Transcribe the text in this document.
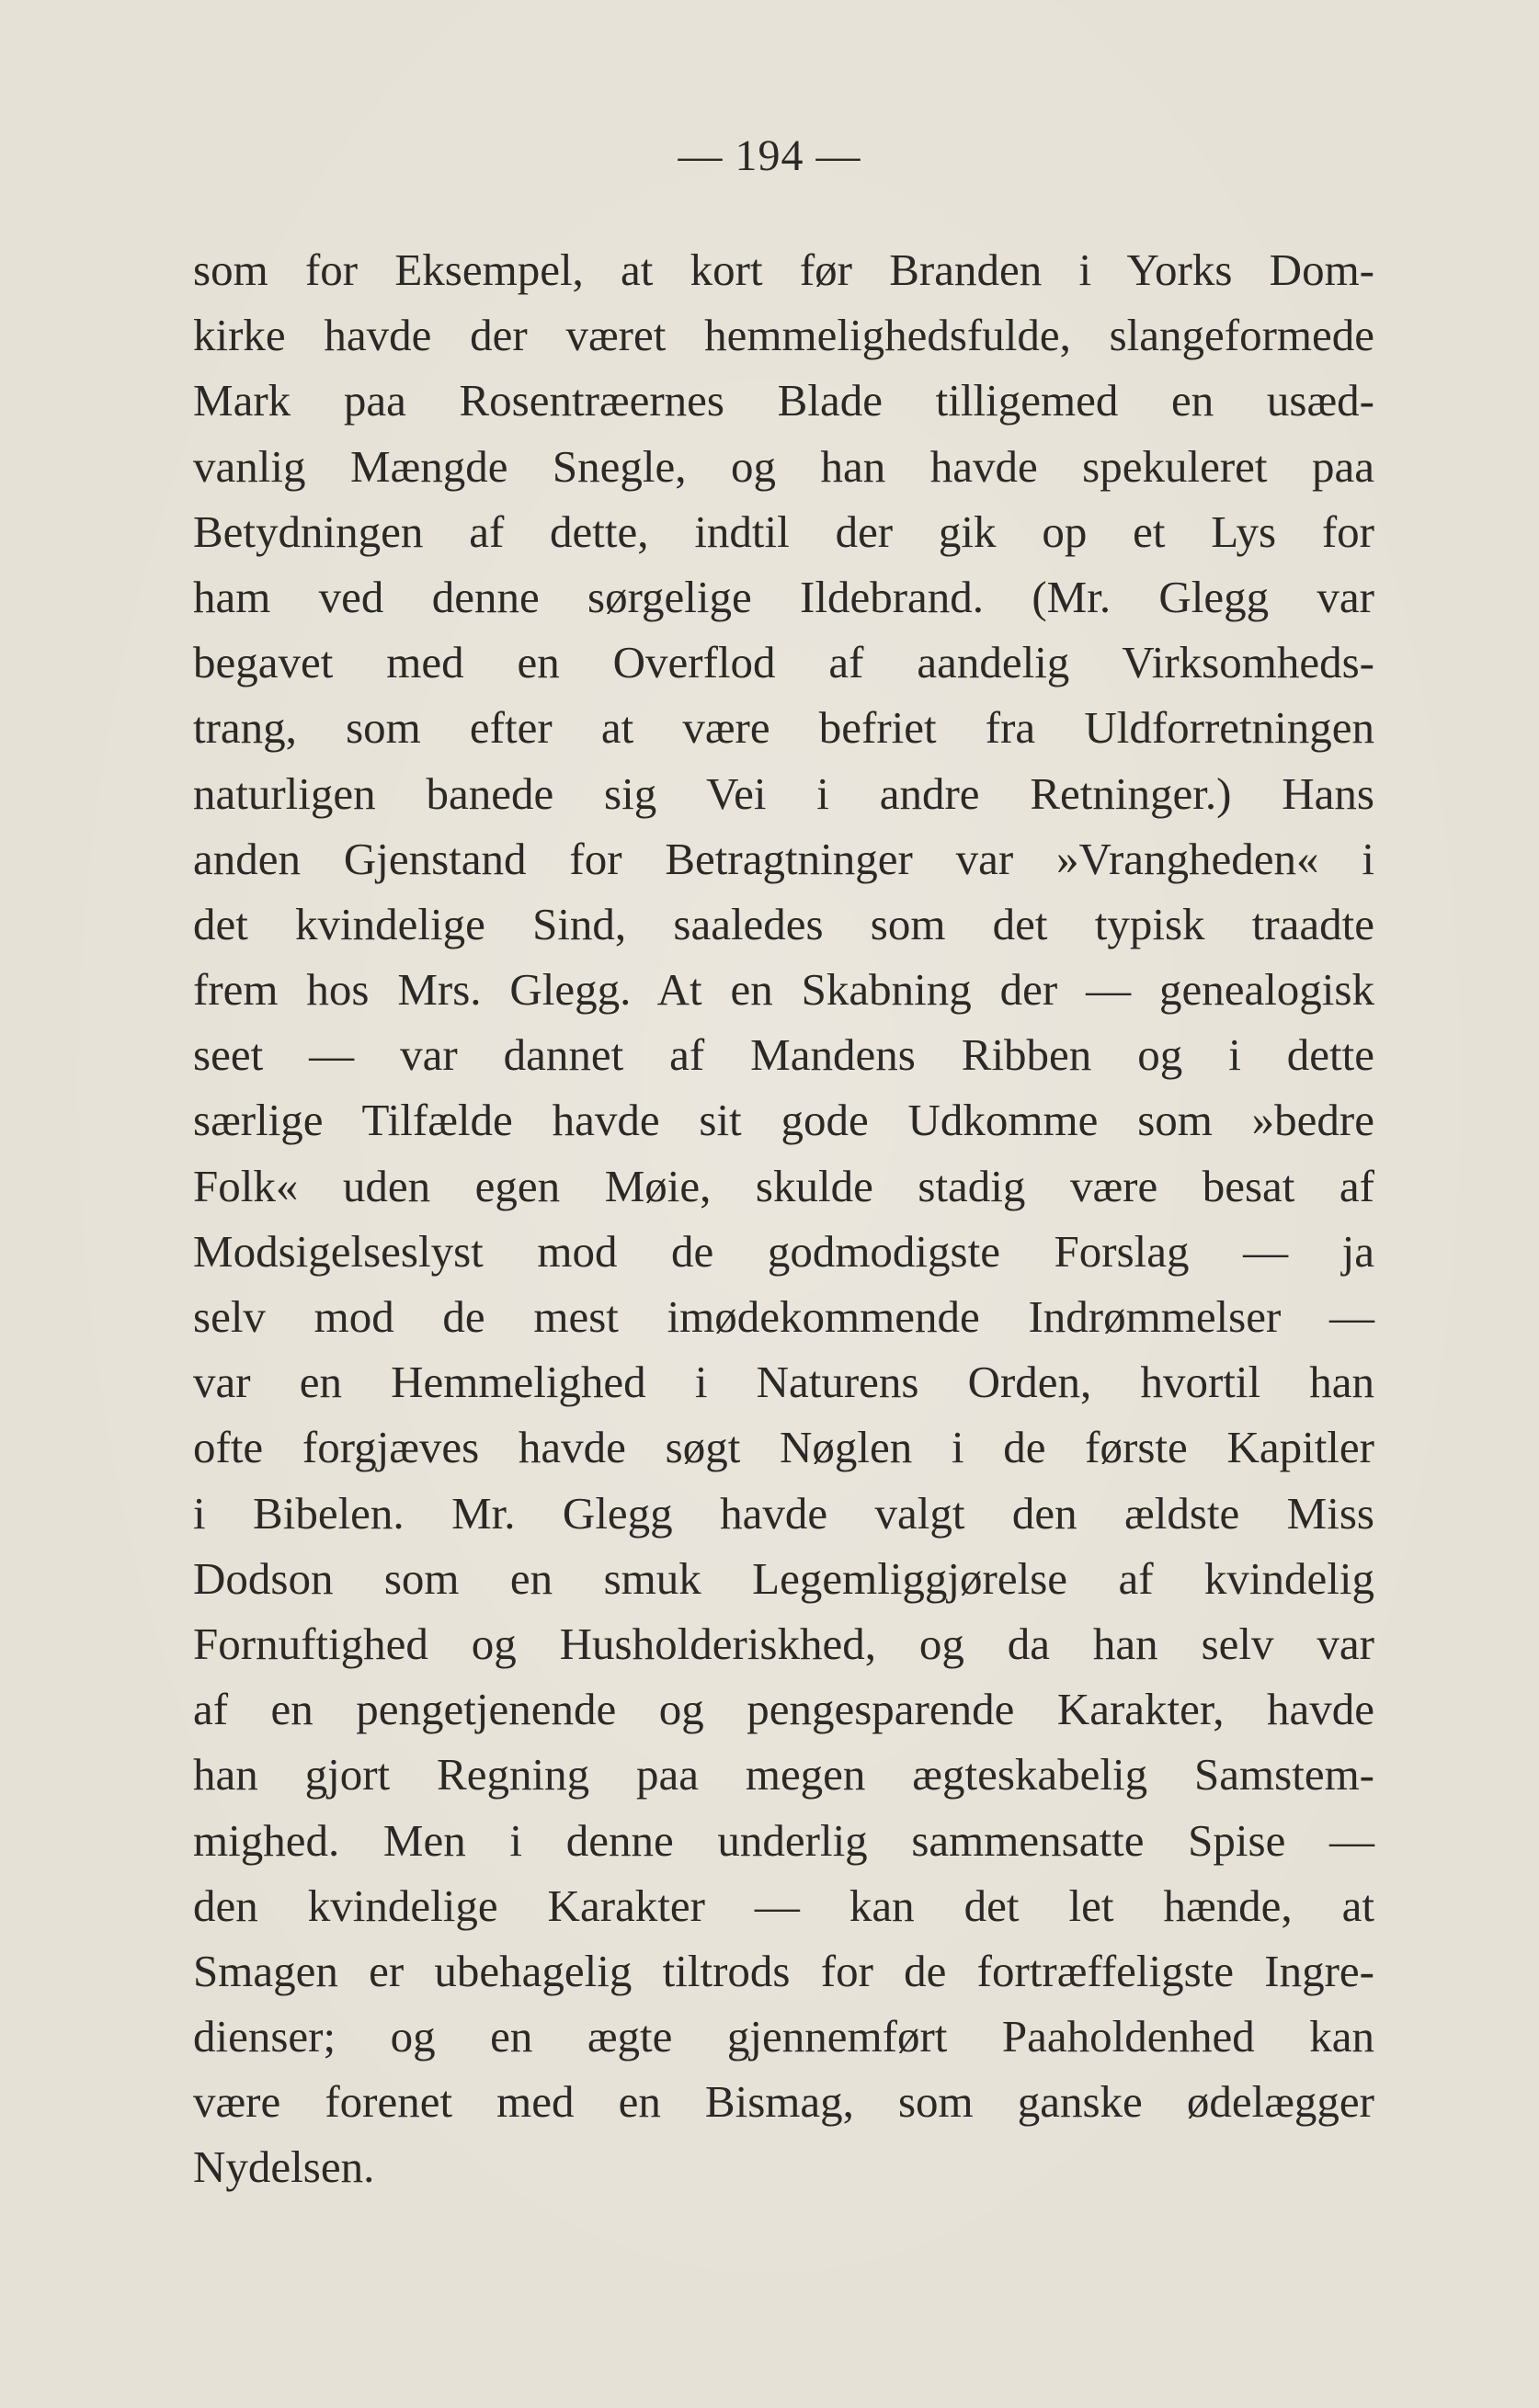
— 194 —
som for Eksempel, at kort før Branden i Yorks Dom-
kirke havde der været hemmelighedsfulde, slangeformede
Mark paa Rosentræernes Blade tilligemed en usæd-
vanlig Mængde Snegle, og han havde spekuleret paa
Betydningen af dette, indtil der gik op et Lys for
ham ved denne sørgelige Ildebrand. (Mr. Glegg var
begavet med en Overflod af aandelig Virksomheds-
trang, som efter at være befriet fra Uldforretningen
naturligen banede sig Vei i andre Retninger.) Hans
anden Gjenstand for Betragtninger var »Vrangheden« i
det kvindelige Sind, saaledes som det typisk traadte
frem hos Mrs. Glegg. At en Skabning der — genealogisk
seet — var dannet af Mandens Ribben og i dette
særlige Tilfælde havde sit gode Udkomme som »bedre
Folk« uden egen Møie, skulde stadig være besat af
Modsigelseslyst mod de godmodigste Forslag — ja
selv mod de mest imødekommende Indrømmelser —
var en Hemmelighed i Naturens Orden, hvortil han
ofte forgjæves havde søgt Nøglen i de første Kapitler
i Bibelen. Mr. Glegg havde valgt den ældste Miss
Dodson som en smuk Legemliggjørelse af kvindelig
Fornuftighed og Husholderiskhed, og da han selv var
af en pengetjenende og pengesparende Karakter, havde
han gjort Regning paa megen ægteskabelig Samstem-
mighed. Men i denne underlig sammensatte Spise —
den kvindelige Karakter — kan det let hænde, at
Smagen er ubehagelig tiltrods for de fortræffeligste Ingre-
dienser; og en ægte gjennemført Paaholdenhed kan
være forenet med en Bismag, som ganske ødelægger
Nydelsen.
